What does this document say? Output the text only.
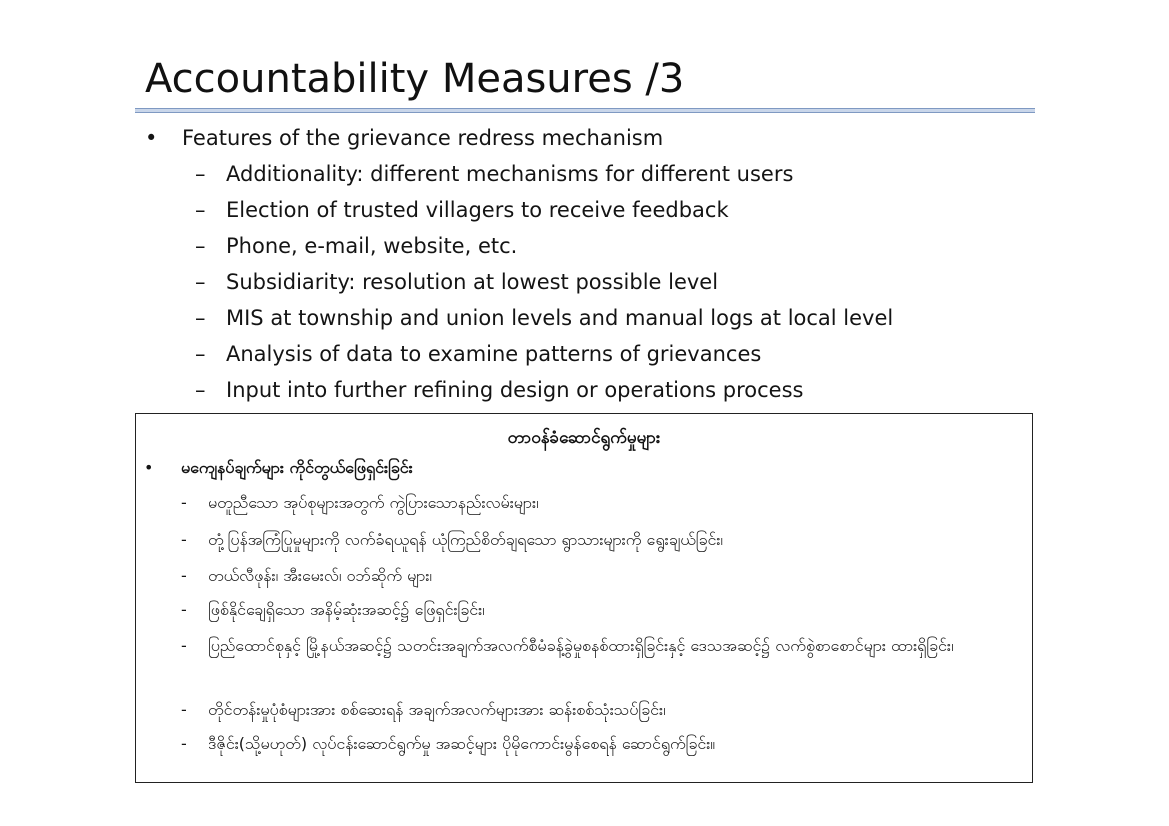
Accountability Measures /3
• Features of the grievance redress mechanism
– Additionality: different mechanisms for different users
– Election of trusted villagers to receive feedback
– Phone, e-mail, website, etc.
– Subsidiarity: resolution at lowest possible level
– MIS at township and union levels and manual logs at local level
– Analysis of data to examine patterns of grievances
– Input into further refining design or operations process
တာဝန်ခံဆောင်ရွက်မှုများ
• မကျေနပ်ချက်များ ကိုင်တွယ်ဖြေရှင်းခြင်း
- မတူညီသော အုပ်စုများအတွက် ကွဲပြားသောနည်းလမ်းများ၊
- တုံ့ပြန်အကြံပြုမှုများကို လက်ခံရယူရန် ယုံကြည်စိတ်ချရသော ရွာသားများကို ရွေးချယ်ခြင်း၊
- တယ်လီဖုန်း၊ အီးမေးလ်၊ ဝဘ်ဆိုက် များ၊
- ဖြစ်နိုင်ချေရှိသော အနိမ့်ဆုံးအဆင့်၌ ဖြေရှင်းခြင်း၊
- ပြည်ထောင်စုနှင့် မြို့နယ်အဆင့်၌ သတင်းအချက်အလက်စီမံခန့်ခွဲမှုစနစ်ထားရှိခြင်းနှင့် ဒေသအဆင့်၌ လက်စွဲစာစောင်များ ထားရှိခြင်း၊
- တိုင်တန်းမှုပုံစံများအား စစ်ဆေးရန် အချက်အလက်များအား ဆန်းစစ်သုံးသပ်ခြင်း၊
- ဒီဇိုင်း(သို့မဟုတ်) လုပ်ငန်းဆောင်ရွက်မှု အဆင့်များ ပိုမိုကောင်းမွန်စေရန် ဆောင်ရွက်ခြင်း။
